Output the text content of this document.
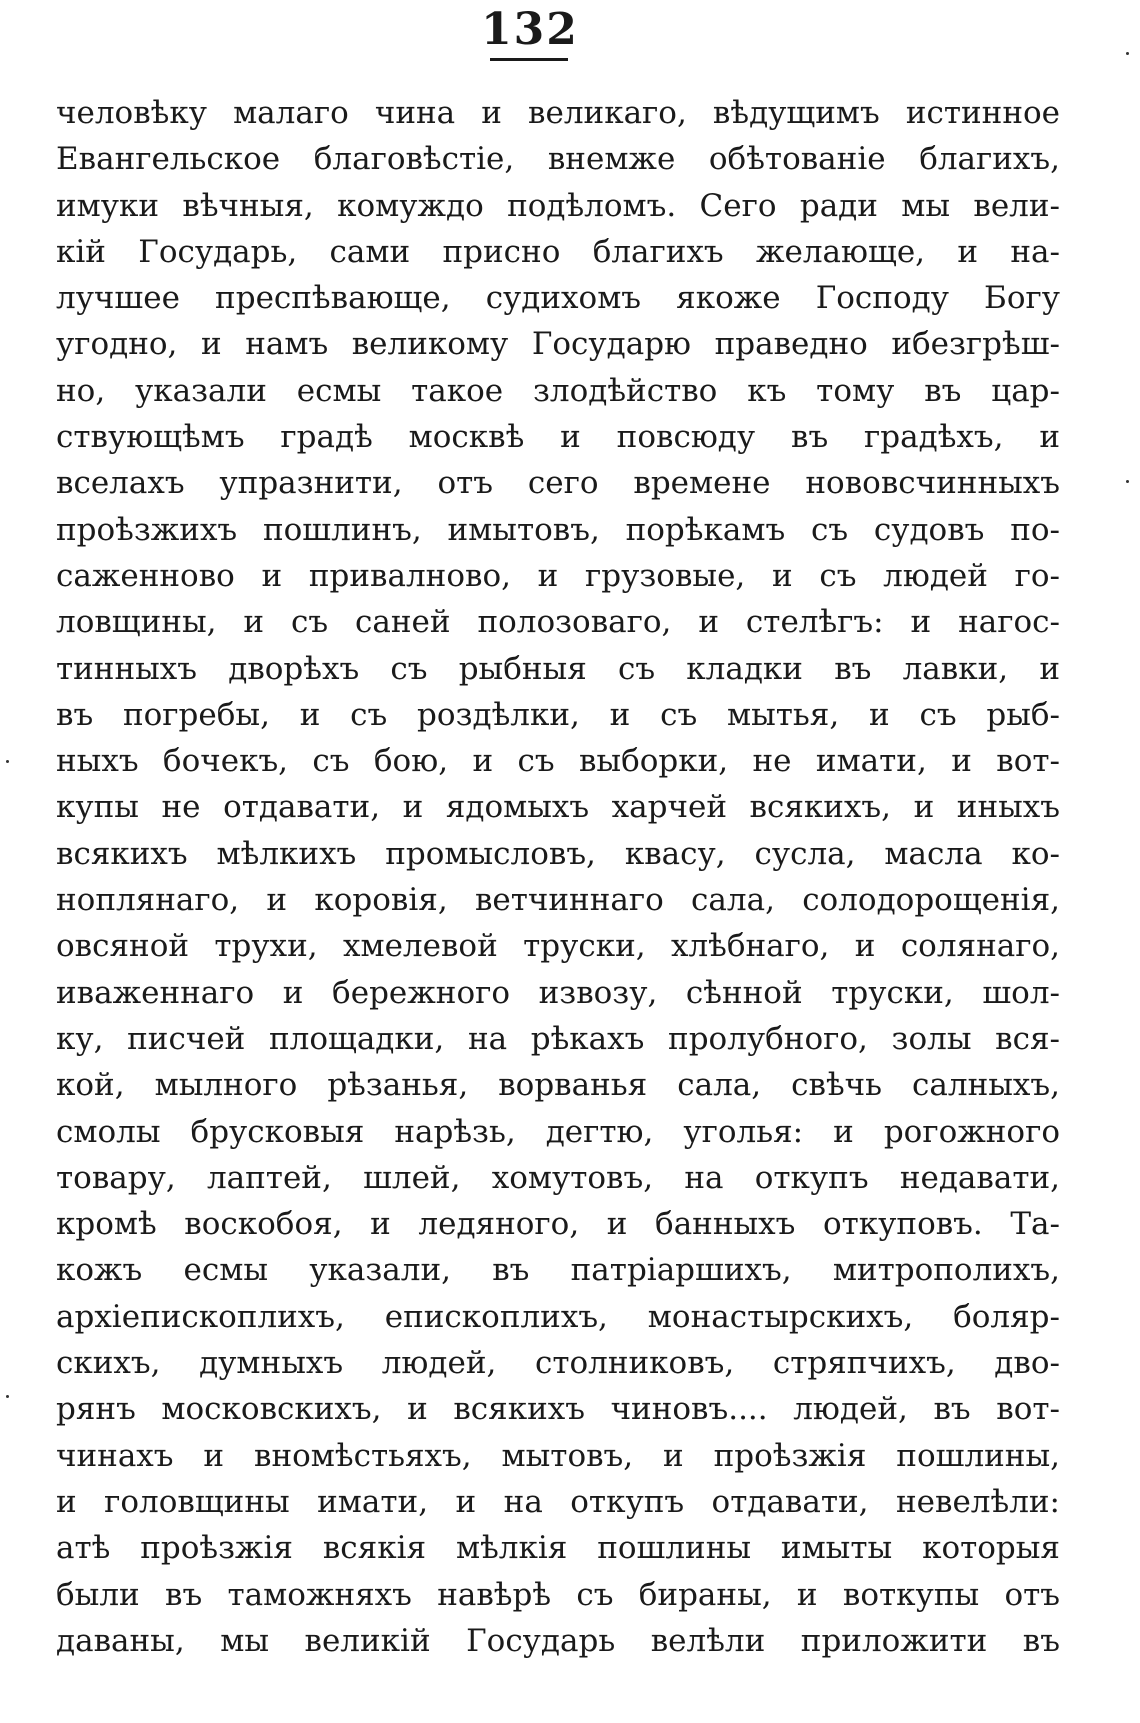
132
человѣку малаго чина и великаго, вѣдущимъ истинное
Евангельское благовѣстіе, внемже обѣтованіе благихъ,
имуки вѣчныя, комуждо подѣломъ. Сего ради мы вели-
кій Государь, сами присно благихъ желающе, и на-
лучшее преспѣвающе, судихомъ якоже Господу Богу
угодно, и намъ великому Государю праведно ибезгрѣш-
но, указали есмы такое злодѣйство къ тому въ цар-
ствующѣмъ градѣ москвѣ и повсюду въ градѣхъ, и
вселахъ упразнити, отъ сего времене нововсчинныхъ
проѣзжихъ пошлинъ, имытовъ, порѣкамъ съ судовъ по-
саженново и привалново, и грузовые, и съ людей го-
ловщины, и съ саней полозоваго, и стелѣгъ: и нагос-
тинныхъ дворѣхъ съ рыбныя съ кладки въ лавки, и
въ погребы, и съ роздѣлки, и съ мытья, и съ рыб-
ныхъ бочекъ, съ бою, и съ выборки, не имати, и вот-
купы не отдавати, и ядомыхъ харчей всякихъ, и иныхъ
всякихъ мѣлкихъ промысловъ, квасу, сусла, масла ко-
ноплянаго, и коровія, ветчиннаго сала, солодорощенія,
овсяной трухи, хмелевой труски, хлѣбнаго, и солянаго,
иваженнаго и бережного извозу, сѣнной труски, шол-
ку, писчей площадки, на рѣкахъ пролубного, золы вся-
кой, мылного рѣзанья, ворванья сала, свѣчь салныхъ,
смолы брусковыя нарѣзь, дегтю, уголья: и рогожного
товару, лаптей, шлей, хомутовъ, на откупъ недавати,
кромѣ воскобоя, и ледяного, и банныхъ откуповъ. Та-
кожъ есмы указали, въ патріаршихъ, митрополихъ,
архіепископлихъ, епископлихъ, монастырскихъ, боляр-
скихъ, думныхъ людей, столниковъ, стряпчихъ, дво-
рянъ московскихъ, и всякихъ чиновъ.... людей, въ вот-
чинахъ и вномѣстьяхъ, мытовъ, и проѣзжія пошлины,
и головщины имати, и на откупъ отдавати, невелѣли:
атѣ проѣзжія всякія мѣлкія пошлины имыты которыя
были въ таможняхъ навѣрѣ съ бираны, и воткупы отъ
даваны, мы великій Государь велѣли приложити въ
